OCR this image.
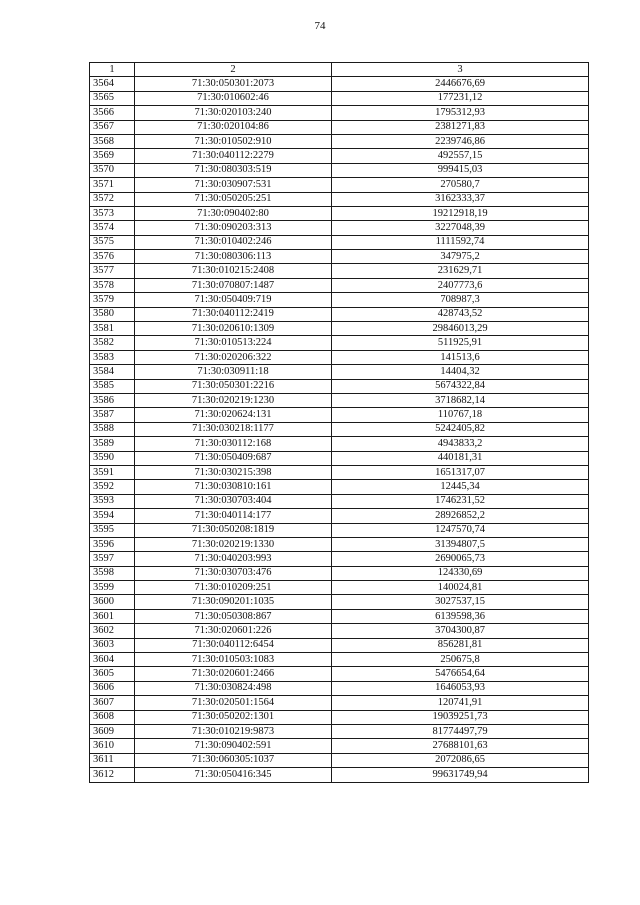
74
1	2	3
3564	71:30:050301:2073	2446676,69
3565	71:30:010602:46	177231,12
3566	71:30:020103:240	1795312,93
3567	71:30:020104:86	2381271,83
3568	71:30:010502:910	2239746,86
3569	71:30:040112:2279	492557,15
3570	71:30:080303:519	999415,03
3571	71:30:030907:531	270580,7
3572	71:30:050205:251	3162333,37
3573	71:30:090402:80	19212918,19
3574	71:30:090203:313	3227048,39
3575	71:30:010402:246	1111592,74
3576	71:30:080306:113	347975,2
3577	71:30:010215:2408	231629,71
3578	71:30:070807:1487	2407773,6
3579	71:30:050409:719	708987,3
3580	71:30:040112:2419	428743,52
3581	71:30:020610:1309	29846013,29
3582	71:30:010513:224	511925,91
3583	71:30:020206:322	141513,6
3584	71:30:030911:18	14404,32
3585	71:30:050301:2216	5674322,84
3586	71:30:020219:1230	3718682,14
3587	71:30:020624:131	110767,18
3588	71:30:030218:1177	5242405,82
3589	71:30:030112:168	4943833,2
3590	71:30:050409:687	440181,31
3591	71:30:030215:398	1651317,07
3592	71:30:030810:161	12445,34
3593	71:30:030703:404	1746231,52
3594	71:30:040114:177	28926852,2
3595	71:30:050208:1819	1247570,74
3596	71:30:020219:1330	31394807,5
3597	71:30:040203:993	2690065,73
3598	71:30:030703:476	124330,69
3599	71:30:010209:251	140024,81
3600	71:30:090201:1035	3027537,15
3601	71:30:050308:867	6139598,36
3602	71:30:020601:226	3704300,87
3603	71:30:040112:6454	856281,81
3604	71:30:010503:1083	250675,8
3605	71:30:020601:2466	5476654,64
3606	71:30:030824:498	1646053,93
3607	71:30:020501:1564	120741,91
3608	71:30:050202:1301	19039251,73
3609	71:30:010219:9873	81774497,79
3610	71:30:090402:591	27688101,63
3611	71:30:060305:1037	2072086,65
3612	71:30:050416:345	99631749,94
